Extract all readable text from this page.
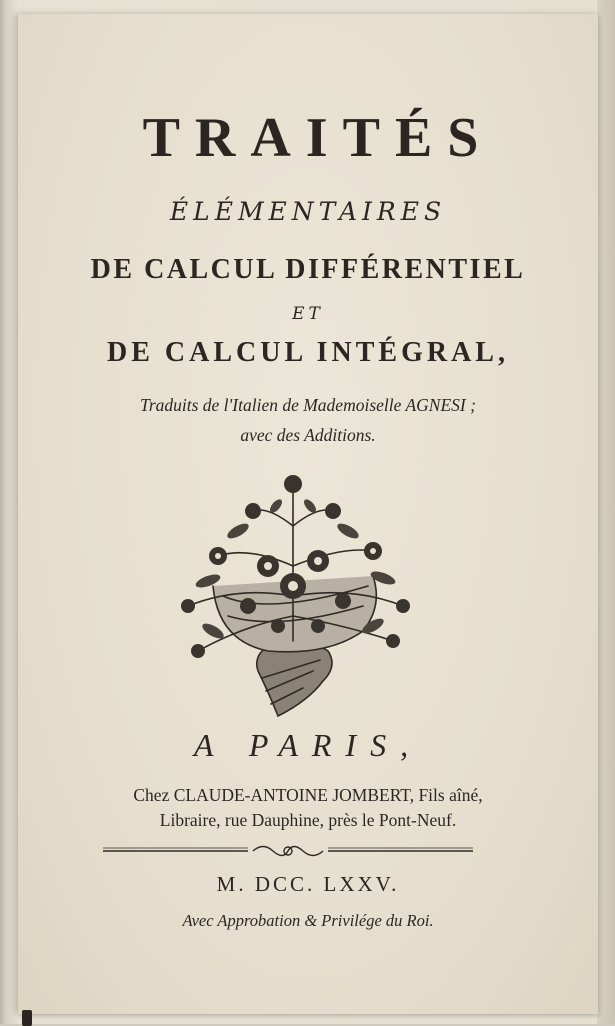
TRAITÉS
ÉLÉMENTAIRES
DE CALCUL DIFFÉRENTIEL
ET
DE CALCUL INTÉGRAL,
Traduits de l'Italien de Mademoiselle AGNESI ;
avec des Additions.
A PARIS,
Chez CLAUDE-ANTOINE JOMBERT, Fils aîné,
Libraire, rue Dauphine, près le Pont-Neuf.
M. DCC. LXXV.
Avec Approbation & Privilége du Roi.
